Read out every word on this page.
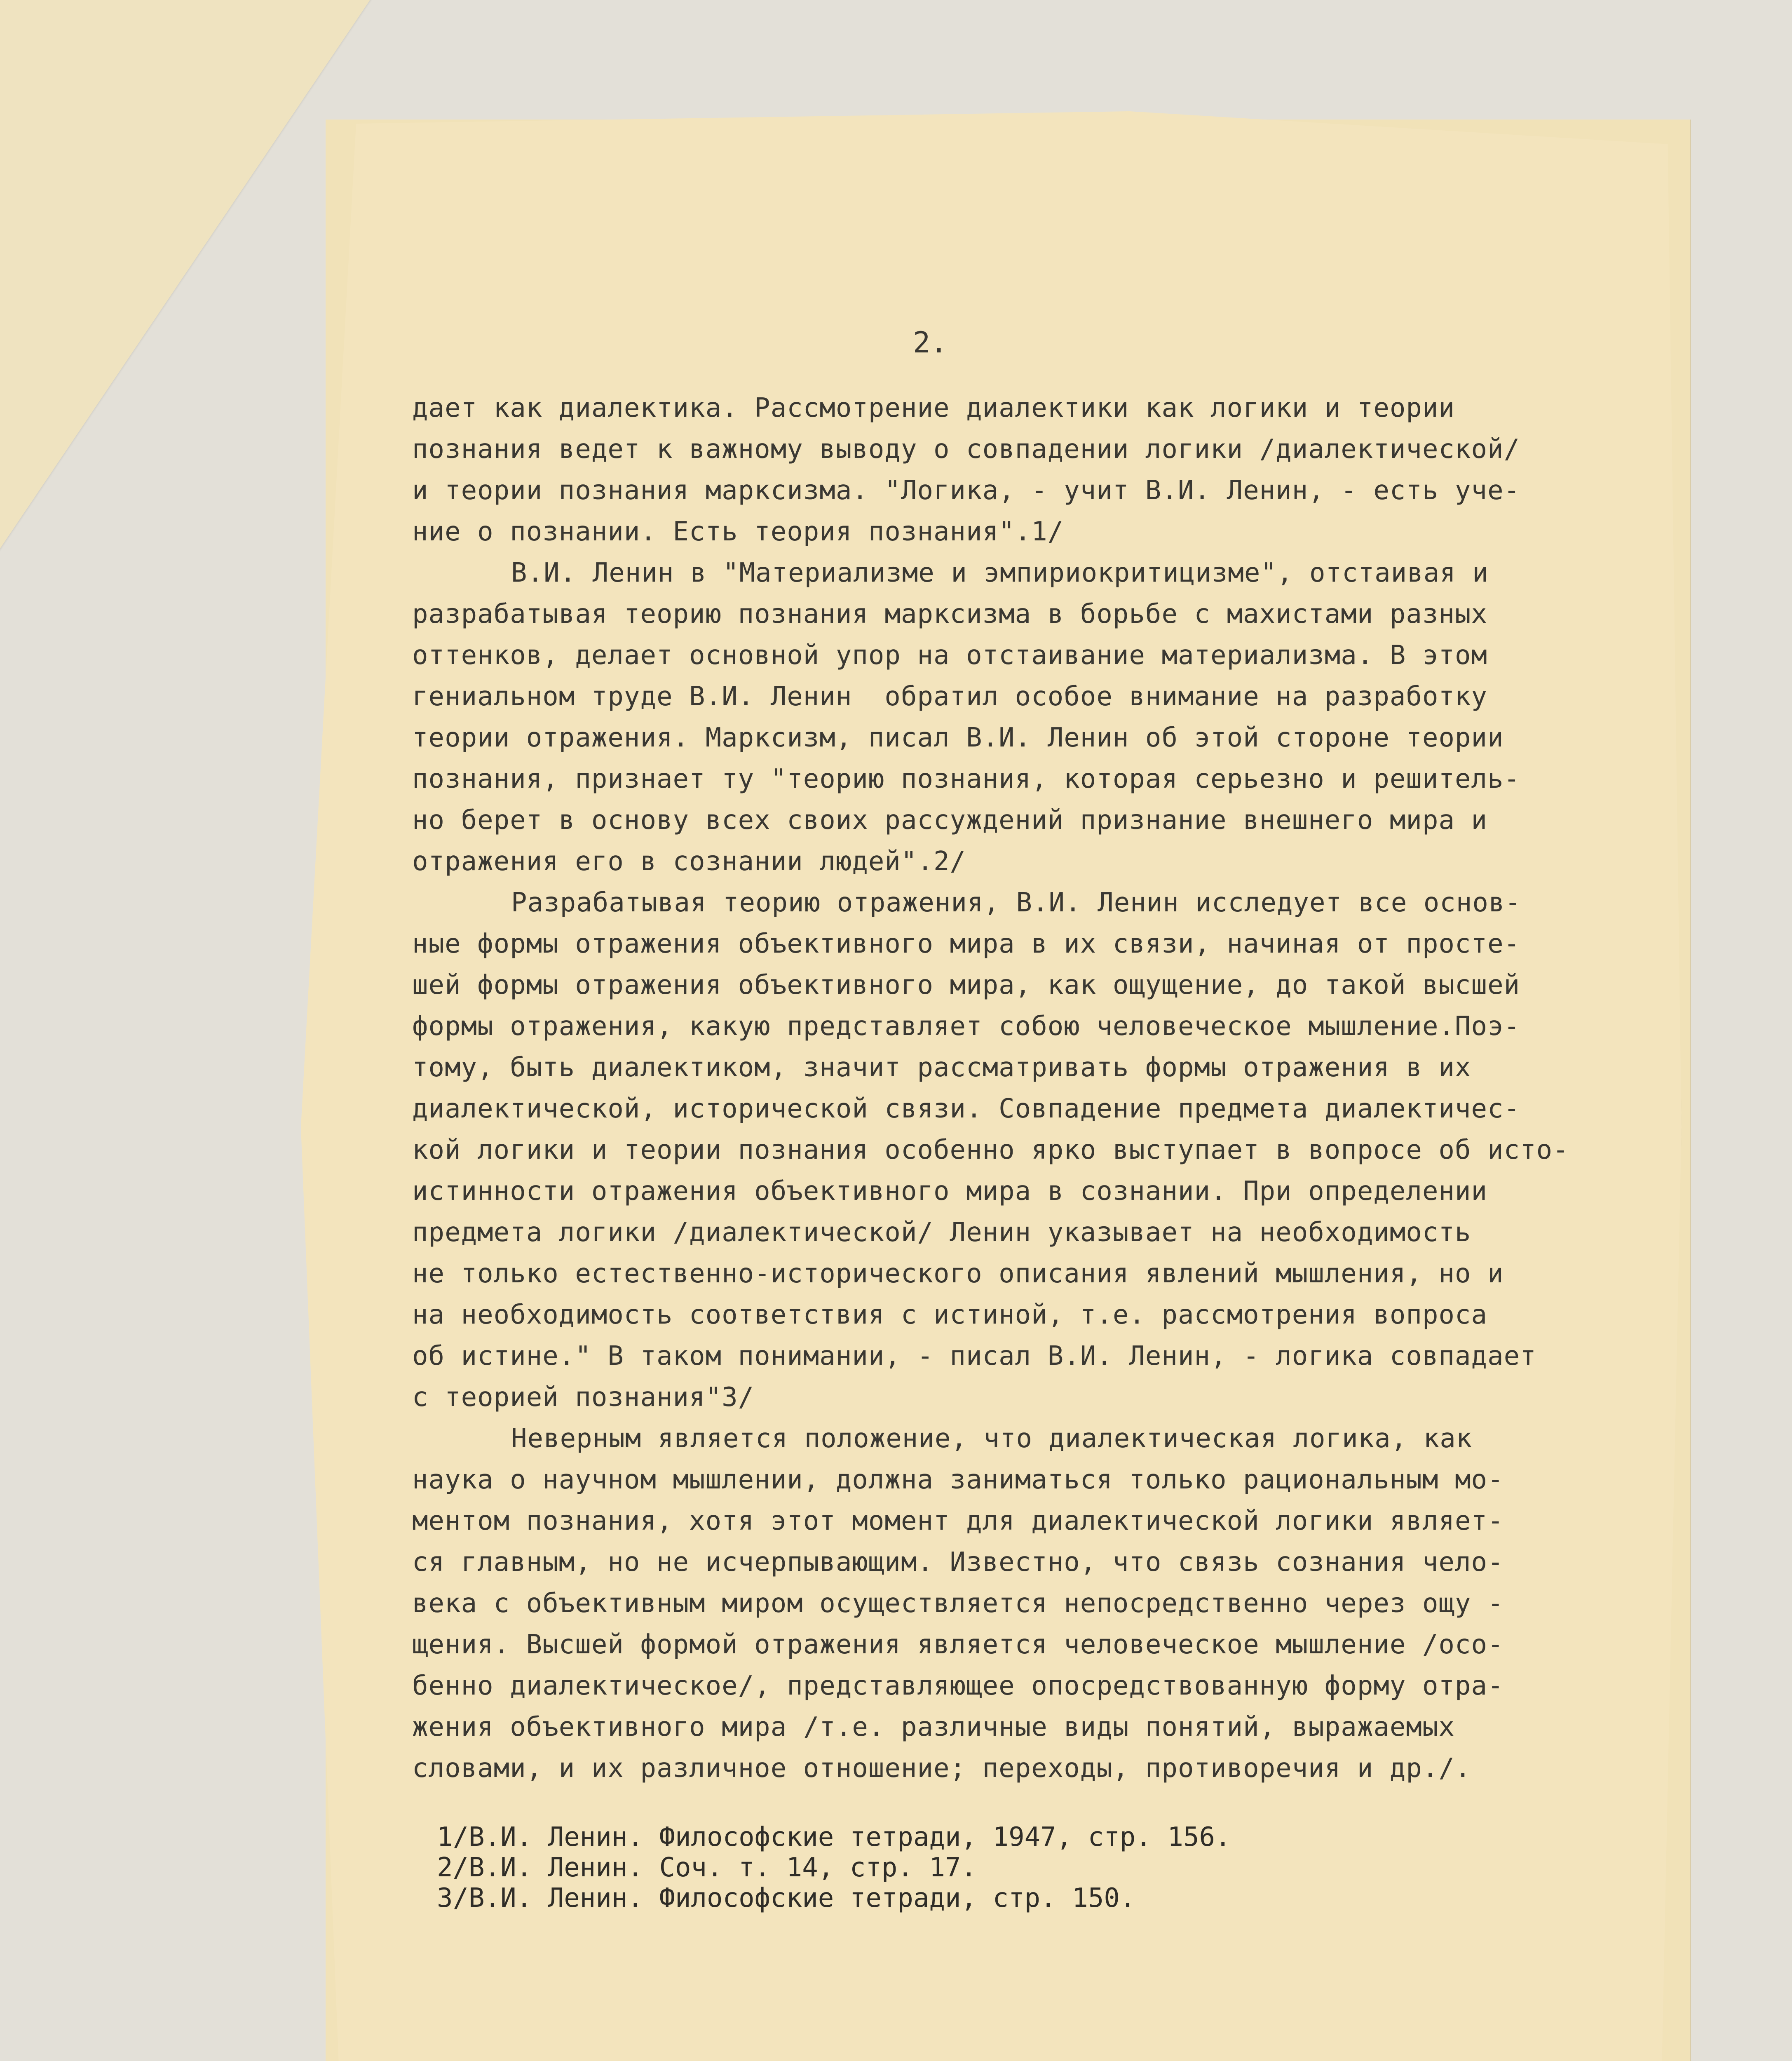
2.
дает как диалектика. Рассмотрение диалектики как логики и теории
познания ведет к важному выводу о совпадении логики /диалектической/
и теории познания марксизма. "Логика, - учит В.И. Ленин, - есть уче-
ние о познании. Есть теория познания".1/
В.И. Ленин в "Материализме и эмпириокритицизме", отстаивая и
разрабатывая теорию познания марксизма в борьбе с махистами разных
оттенков, делает основной упор на отстаивание материализма. В этом
гениальном труде В.И. Ленин  обратил особое внимание на разработку
теории отражения. Марксизм, писал В.И. Ленин об этой стороне теории
познания, признает ту "теорию познания, которая серьезно и решитель-
но берет в основу всех своих рассуждений признание внешнего мира и
отражения его в сознании людей".2/
Разрабатывая теорию отражения, В.И. Ленин исследует все основ-
ные формы отражения объективного мира в их связи, начиная от просте-
шей формы отражения объективного мира, как ощущение, до такой высшей
формы отражения, какую представляет собою человеческое мышление.Поэ-
тому, быть диалектиком, значит рассматривать формы отражения в их
диалектической, исторической связи. Совпадение предмета диалектичес-
кой логики и теории познания особенно ярко выступает в вопросе об исто-
истинности отражения объективного мира в сознании. При определении
предмета логики /диалектической/ Ленин указывает на необходимость
не только естественно-исторического описания явлений мышления, но и
на необходимость соответствия с истиной, т.е. рассмотрения вопроса
об истине." В таком понимании, - писал В.И. Ленин, - логика совпадает
с теорией познания"3/
Неверным является положение, что диалектическая логика, как
наука о научном мышлении, должна заниматься только рациональным мо-
ментом познания, хотя этот момент для диалектической логики являет-
ся главным, но не исчерпывающим. Известно, что связь сознания чело-
века с объективным миром осуществляется непосредственно через ощу -
щения. Высшей формой отражения является человеческое мышление /осо-
бенно диалектическое/, представляющее опосредствованную форму отра-
жения объективного мира /т.е. различные виды понятий, выражаемых
словами, и их различное отношение; переходы, противоречия и др./.
1/В.И. Ленин. Философские тетради, 1947, стр. 156.
2/В.И. Ленин. Соч. т. 14, стр. 17.
3/В.И. Ленин. Философские тетради, стр. 150.
